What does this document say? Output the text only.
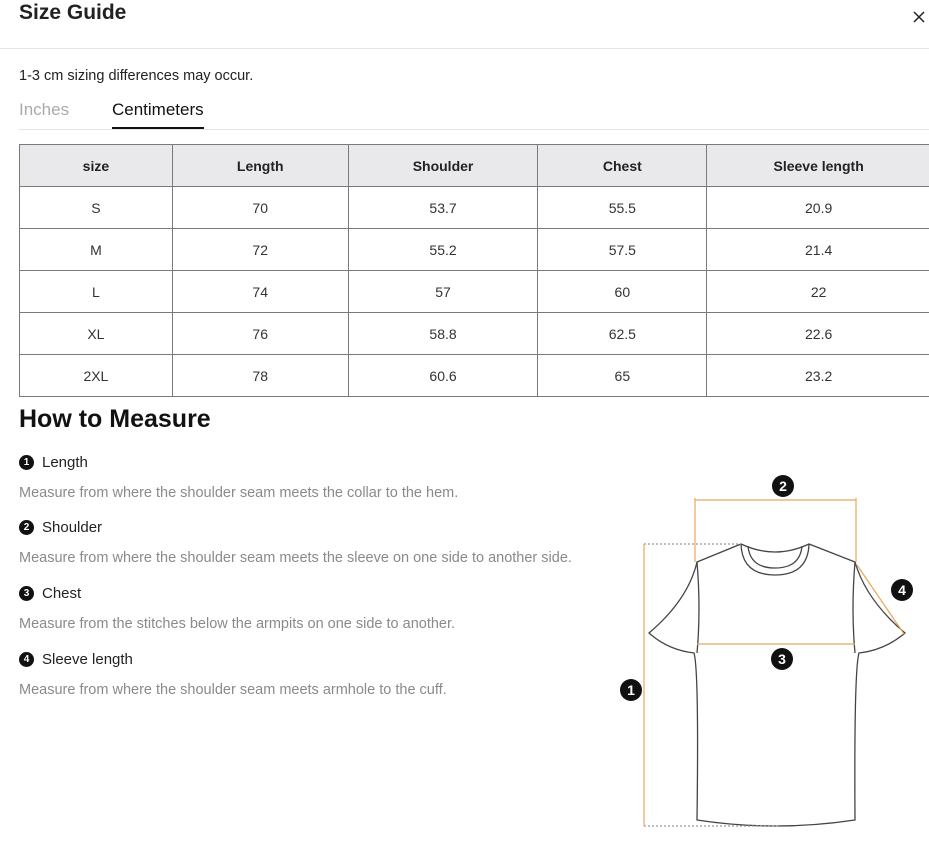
Size Guide
1-3 cm sizing differences may occur.
Inches	Centimeters
size	Length	Shoulder	Chest	Sleeve length
S	70	53.7	55.5	20.9
M	72	55.2	57.5	21.4
L	74	57	60	22
XL	76	58.8	62.5	22.6
2XL	78	60.6	65	23.2
How to Measure
1 Length
Measure from where the shoulder seam meets the collar to the hem.
2 Shoulder
Measure from where the shoulder seam meets the sleeve on one side to another side.
3 Chest
Measure from the stitches below the armpits on one side to another.
4 Sleeve length
Measure from where the shoulder seam meets armhole to the cuff.	1
2
3
4
